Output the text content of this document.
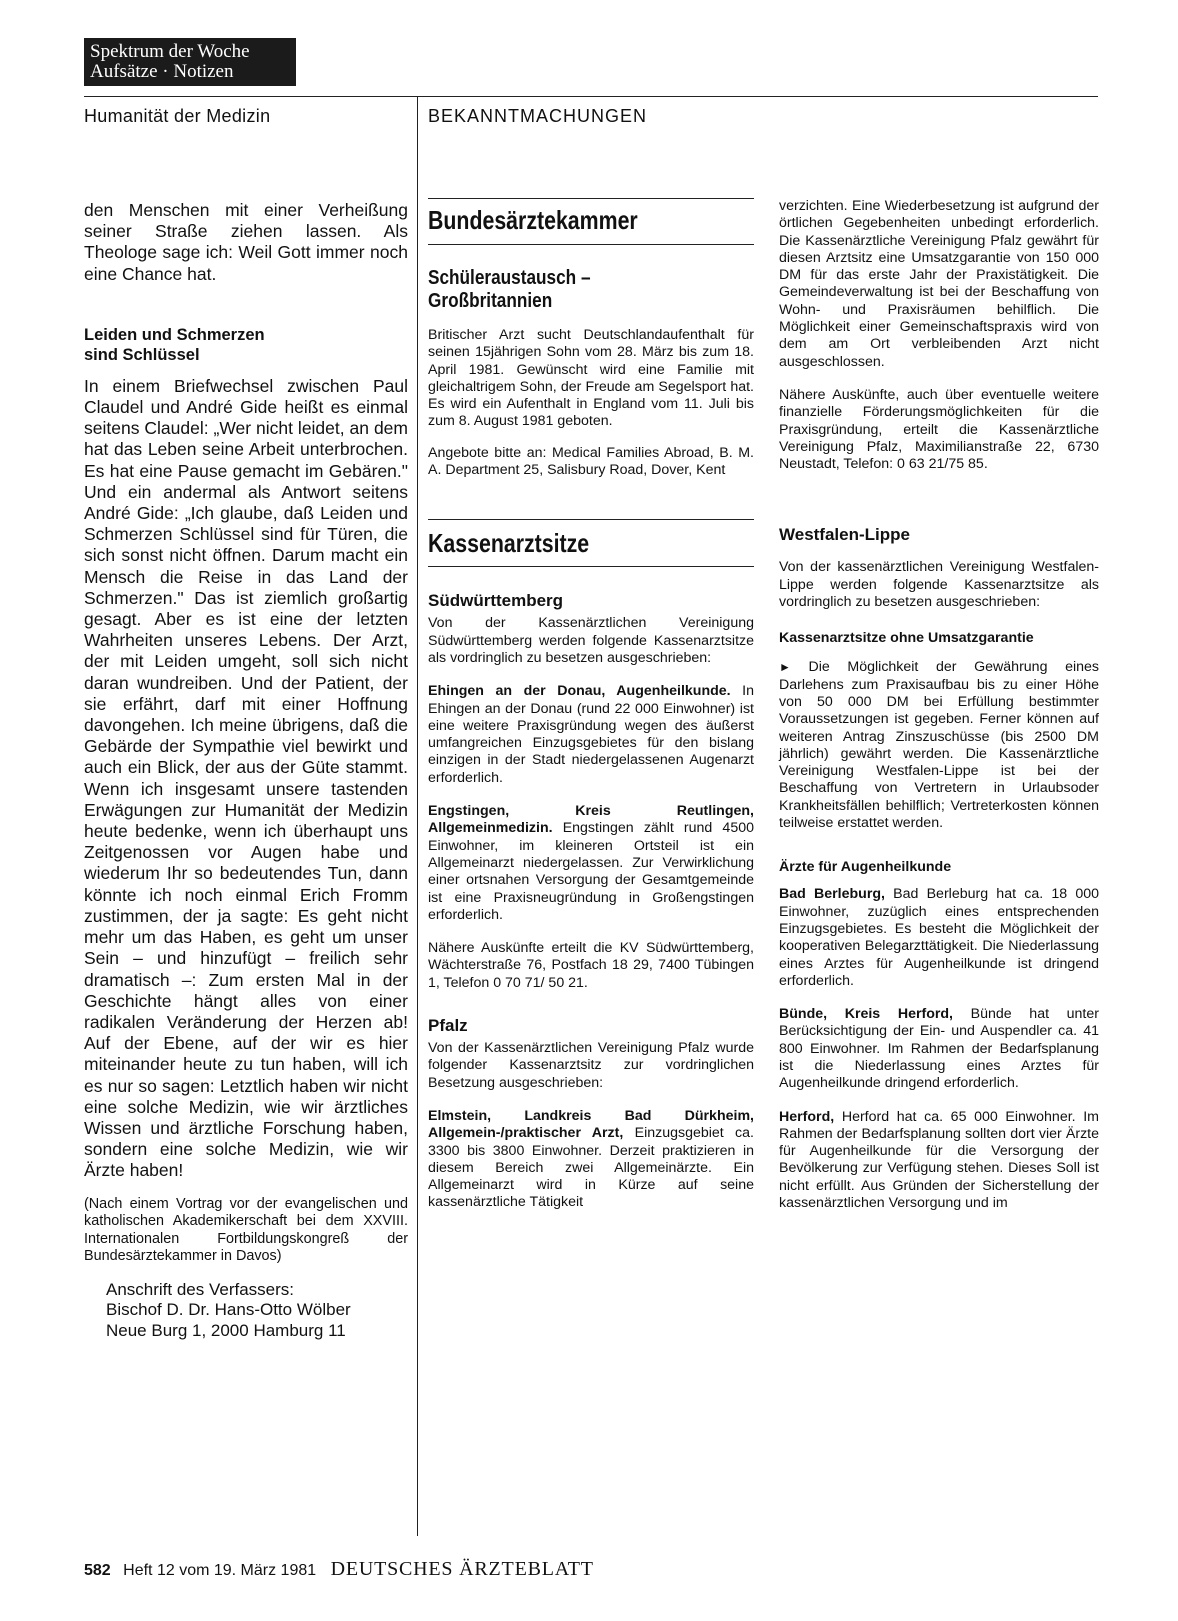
Spektrum der Woche
Aufsätze · Notizen
Humanität der Medizin	BEKANNTMACHUNGEN

den Menschen mit einer Verheißung seiner Straße ziehen lassen. Als Theologe sage ich: Weil Gott immer noch eine Chance hat.

Leiden und Schmerzen
sind Schlüssel

In einem Briefwechsel zwischen Paul Claudel und André Gide heißt es einmal seitens Claudel: „Wer nicht leidet, an dem hat das Leben seine Arbeit unterbrochen. Es hat eine Pause gemacht im Gebären." Und ein andermal als Antwort seitens André Gide: „Ich glaube, daß Leiden und Schmerzen Schlüssel sind für Türen, die sich sonst nicht öffnen. Darum macht ein Mensch die Reise in das Land der Schmerzen." Das ist ziemlich großartig gesagt. Aber es ist eine der letzten Wahrheiten unseres Lebens. Der Arzt, der mit Leiden umgeht, soll sich nicht daran wundreiben. Und der Patient, der sie erfährt, darf mit einer Hoffnung davongehen. Ich meine übrigens, daß die Gebärde der Sympathie viel bewirkt und auch ein Blick, der aus der Güte stammt. Wenn ich insgesamt unsere tastenden Erwägungen zur Humanität der Medizin heute bedenke, wenn ich überhaupt uns Zeitgenossen vor Augen habe und wiederum Ihr so bedeutendes Tun, dann könnte ich noch einmal Erich Fromm zustimmen, der ja sagte: Es geht nicht mehr um das Haben, es geht um unser Sein – und hinzufügt – freilich sehr dramatisch –: Zum ersten Mal in der Geschichte hängt alles von einer radikalen Veränderung der Herzen ab! Auf der Ebene, auf der wir es hier miteinander heute zu tun haben, will ich es nur so sagen: Letztlich haben wir nicht eine solche Medizin, wie wir ärztliches Wissen und ärztliche Forschung haben, sondern eine solche Medizin, wie wir Ärzte haben!

(Nach einem Vortrag vor der evangelischen und katholischen Akademikerschaft bei dem XXVIII. Internationalen Fortbildungskongreß der Bundesärztekammer in Davos)

Anschrift des Verfassers:
Bischof D. Dr. Hans-Otto Wölber
Neue Burg 1, 2000 Hamburg 11
Bundesärztekammer
Schüleraustausch –
Großbritannien

Britischer Arzt sucht Deutschlandaufenthalt für seinen 15jährigen Sohn vom 28. März bis zum 18. April 1981. Gewünscht wird eine Familie mit gleichaltrigem Sohn, der Freude am Segelsport hat. Es wird ein Aufenthalt in England vom 11. Juli bis zum 8. August 1981 geboten.

Angebote bitte an: Medical Families Abroad, B. M. A. Department 25, Salisbury Road, Dover, Kent

Kassenarztsitze
Südwürttemberg

Von der Kassenärztlichen Vereinigung Südwürttemberg werden folgende Kassenarztsitze als vordringlich zu besetzen ausgeschrieben:

Ehingen an der Donau, Augenheilkunde. In Ehingen an der Donau (rund 22 000 Einwohner) ist eine weitere Praxisgründung wegen des äußerst umfangreichen Einzugsgebietes für den bislang einzigen in der Stadt niedergelassenen Augenarzt erforderlich.

Engstingen, Kreis Reutlingen, Allgemeinmedizin. Engstingen zählt rund 4500 Einwohner, im kleineren Ortsteil ist ein Allgemeinarzt niedergelassen. Zur Verwirklichung einer ortsnahen Versorgung der Gesamtgemeinde ist eine Praxisneugründung in Großengstingen erforderlich.

Nähere Auskünfte erteilt die KV Südwürttemberg, Wächterstraße 76, Postfach 18 29, 7400 Tübingen 1, Telefon 0 70 71/ 50 21.

Pfalz

Von der Kassenärztlichen Vereinigung Pfalz wurde folgender Kassenarztsitz zur vordringlichen Besetzung ausgeschrieben:

Elmstein, Landkreis Bad Dürkheim, Allgemein-/praktischer Arzt, Einzugsgebiet ca. 3300 bis 3800 Einwohner. Derzeit praktizieren in diesem Bereich zwei Allgemeinärzte. Ein Allgemeinarzt wird in Kürze auf seine kassenärztliche Tätigkeit

verzichten. Eine Wiederbesetzung ist aufgrund der örtlichen Gegebenheiten unbedingt erforderlich. Die Kassenärztliche Vereinigung Pfalz gewährt für diesen Arztsitz eine Umsatzgarantie von 150 000 DM für das erste Jahr der Praxistätigkeit. Die Gemeindeverwaltung ist bei der Beschaffung von Wohn- und Praxisräumen behilflich. Die Möglichkeit einer Gemeinschaftspraxis wird von dem am Ort verbleibenden Arzt nicht ausgeschlossen.

Nähere Auskünfte, auch über eventuelle weitere finanzielle Förderungsmöglichkeiten für die Praxisgründung, erteilt die Kassenärztliche Vereinigung Pfalz, Maximilianstraße 22, 6730 Neustadt, Telefon: 0 63 21/75 85.

Westfalen-Lippe

Von der kassenärztlichen Vereinigung Westfalen-Lippe werden folgende Kassenarztsitze als vordringlich zu besetzen ausgeschrieben:

Kassenarztsitze ohne Umsatzgarantie

► Die Möglichkeit der Gewährung eines Darlehens zum Praxisaufbau bis zu einer Höhe von 50 000 DM bei Erfüllung bestimmter Voraussetzungen ist gegeben. Ferner können auf weiteren Antrag Zinszuschüsse (bis 2500 DM jährlich) gewährt werden. Die Kassenärztliche Vereinigung Westfalen-Lippe ist bei der Beschaffung von Vertretern in Urlaubsoder Krankheitsfällen behilflich; Vertreterkosten können teilweise erstattet werden.

Ärzte für Augenheilkunde

Bad Berleburg, Bad Berleburg hat ca. 18 000 Einwohner, zuzüglich eines entsprechenden Einzugsgebietes. Es besteht die Möglichkeit der kooperativen Belegarzttätigkeit. Die Niederlassung eines Arztes für Augenheilkunde ist dringend erforderlich.

Bünde, Kreis Herford, Bünde hat unter Berücksichtigung der Ein- und Auspendler ca. 41 800 Einwohner. Im Rahmen der Bedarfsplanung ist die Niederlassung eines Arztes für Augenheilkunde dringend erforderlich.

Herford, Herford hat ca. 65 000 Einwohner. Im Rahmen der Bedarfsplanung sollten dort vier Ärzte für Augenheilkunde für die Versorgung der Bevölkerung zur Verfügung stehen. Dieses Soll ist nicht erfüllt. Aus Gründen der Sicherstellung der kassenärztlichen Versorgung und im

582 Heft 12 vom 19. März 1981 DEUTSCHES ÄRZTEBLATT
